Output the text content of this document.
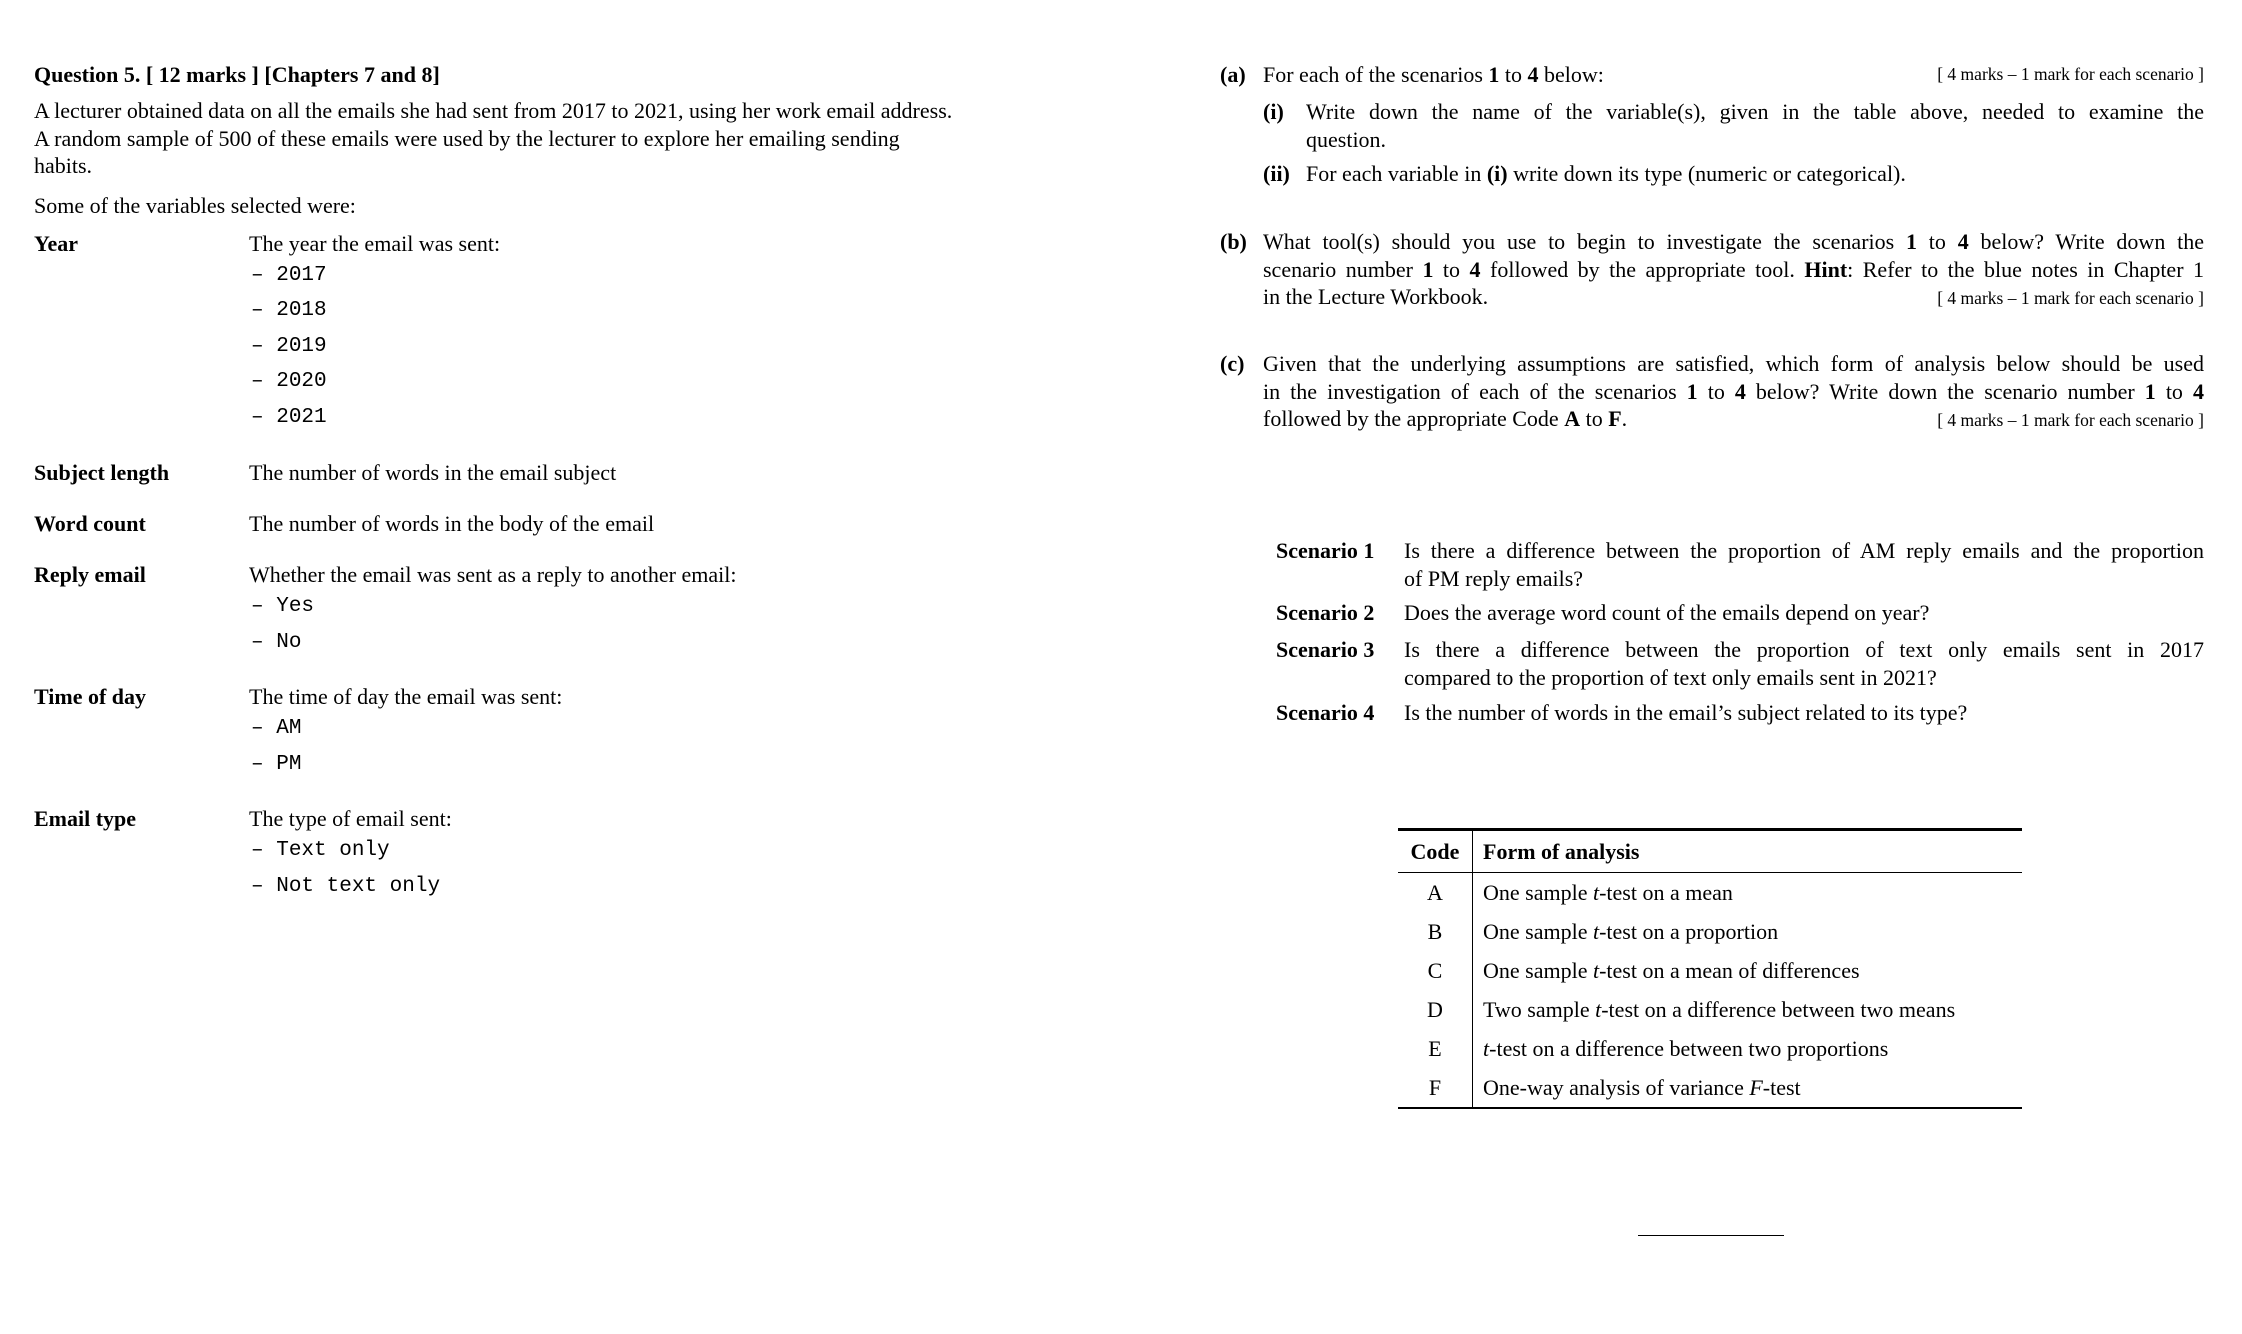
Question 5. [ 12 marks ] [Chapters 7 and 8]
A lecturer obtained data on all the emails she had sent from 2017 to 2021, using her work email address.
A random sample of 500 of these emails were used by the lecturer to explore her emailing sending
habits.
Some of the variables selected were:
Year	The year the email was sent:
– 2017
– 2018
– 2019
– 2020
– 2021
Subject length	The number of words in the email subject
Word count	The number of words in the body of the email
Reply email	Whether the email was sent as a reply to another email:
– Yes
– No
Time of day	The time of day the email was sent:
– AM
– PM
Email type	The type of email sent:
– Text only
– Not text only
(a) For each of the scenarios 1 to 4 below:	[ 4 marks – 1 mark for each scenario ]
(i) Write down the name of the variable(s), given in the table above, needed to examine the
question.
(ii) For each variable in (i) write down its type (numeric or categorical).
(b) What tool(s) should you use to begin to investigate the scenarios 1 to 4 below? Write down the
scenario number 1 to 4 followed by the appropriate tool. Hint: Refer to the blue notes in Chapter 1
in the Lecture Workbook.	[ 4 marks – 1 mark for each scenario ]
(c) Given that the underlying assumptions are satisfied, which form of analysis below should be used
in the investigation of each of the scenarios 1 to 4 below? Write down the scenario number 1 to 4
followed by the appropriate Code A to F.	[ 4 marks – 1 mark for each scenario ]
Scenario 1 Is there a difference between the proportion of AM reply emails and the proportion
of PM reply emails?
Scenario 2 Does the average word count of the emails depend on year?
Scenario 3 Is there a difference between the proportion of text only emails sent in 2017
compared to the proportion of text only emails sent in 2021?
Scenario 4 Is the number of words in the email’s subject related to its type?
Code	Form of analysis
A	One sample t-test on a mean
B	One sample t-test on a proportion
C	One sample t-test on a mean of differences
D	Two sample t-test on a difference between two means
E	t-test on a difference between two proportions
F	One-way analysis of variance F-test
